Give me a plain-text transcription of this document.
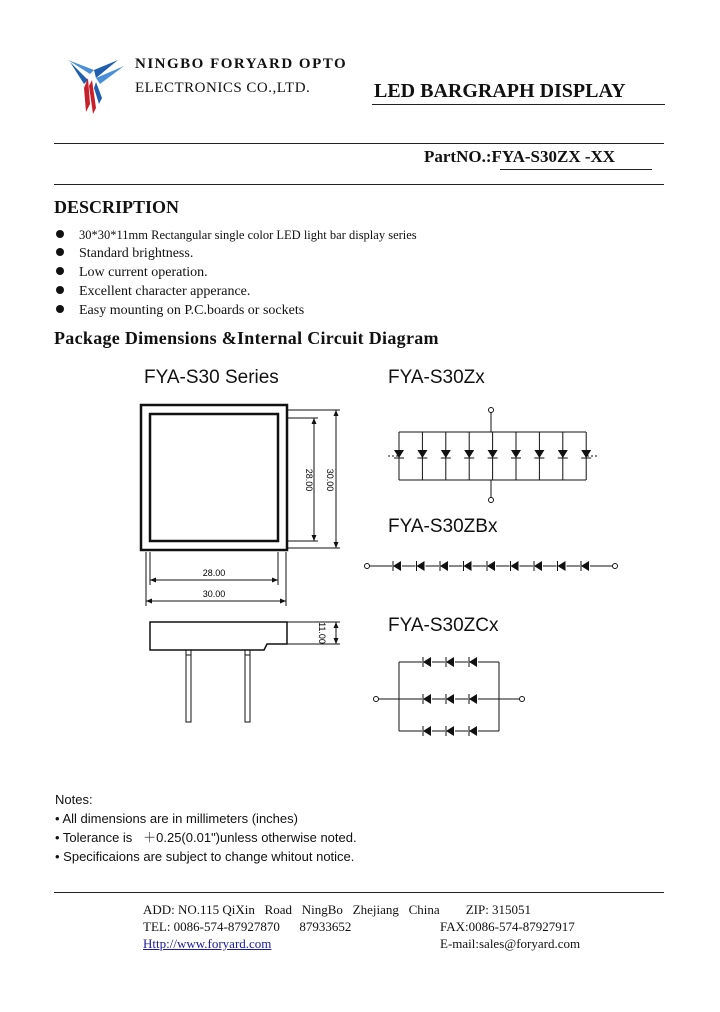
NINGBO FORYARD OPTO
ELECTRONICS CO.,LTD.	LED BARGRAPH DISPLAY
PartNO.:FYA-S30ZX -XX
DESCRIPTION
30*30*11mm Rectangular single color LED light bar display series
Standard brightness.
Low current operation.
Excellent character apperance.
Easy mounting on P.C.boards or sockets
Package Dimensions &Internal Circuit Diagram
FYA-S30 Series	FYA-S30Zx
FYA-S30ZBx
FYA-S30ZCx
28.00
30.00
28.00 30.00
11.00
Notes:
• All dimensions are in millimeters (inches)
• Tolerance is   ＋0.25(0.01")unless otherwise noted.
• Specificaions are subject to change whitout notice.
ADD: NO.115 QiXin   Road   NingBo   Zhejiang   China        ZIP: 315051
TEL: 0086-574-87927870      87933652	FAX:0086-574-87927917
Http://www.foryard.com	E-mail:sales@foryard.com
